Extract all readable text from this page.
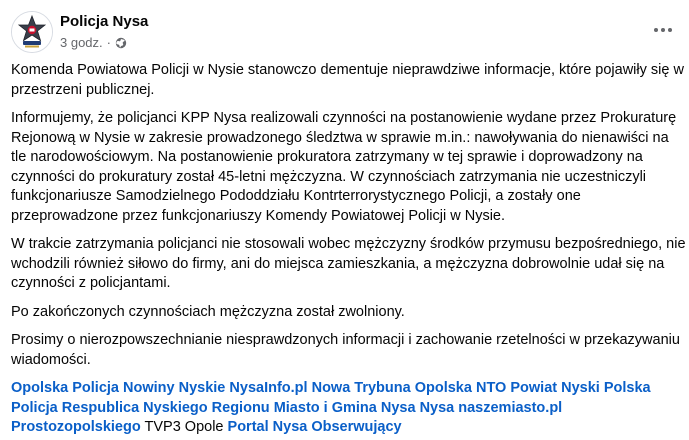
Policja Nysa
3 godz. ·

Komenda Powiatowa Policji w Nysie stanowczo dementuje nieprawdziwe informacje, które pojawiły się w przestrzeni publicznej.

Informujemy, że policjanci KPP Nysa realizowali czynności na postanowienie wydane przez Prokuraturę Rejonową w Nysie w zakresie prowadzonego śledztwa w sprawie m.in.: nawoływania do nienawiści na tle narodowościowym. Na postanowienie prokuratora zatrzymany w tej sprawie i doprowadzony na czynności do prokuratury został 45-letni mężczyzna. W czynnościach zatrzymania nie uczestniczyli funkcjonariusze Samodzielnego Pododdziału Kontrterrorystycznego Policji, a zostały one przeprowadzone przez funkcjonariuszy Komendy Powiatowej Policji w Nysie.

W trakcie zatrzymania policjanci nie stosowali wobec mężczyzny środków przymusu bezpośredniego, nie wchodzili również siłowo do firmy, ani do miejsca zamieszkania, a mężczyzna dobrowolnie udał się na czynności z policjantami.

Po zakończonych czynnościach mężczyzna został zwolniony.

Prosimy o nierozpowszechnianie niesprawdzonych informacji i zachowanie rzetelności w przekazywaniu wiadomości.

Opolska Policja Nowiny Nyskie NysaInfo.pl Nowa Trybuna Opolska NTO Powiat Nyski Polska Policja Respublica Nyskiego Regionu Miasto i Gmina Nysa Nysa naszemiasto.pl Prostozopolskiego TVP3 Opole Portal Nysa Obserwujący
